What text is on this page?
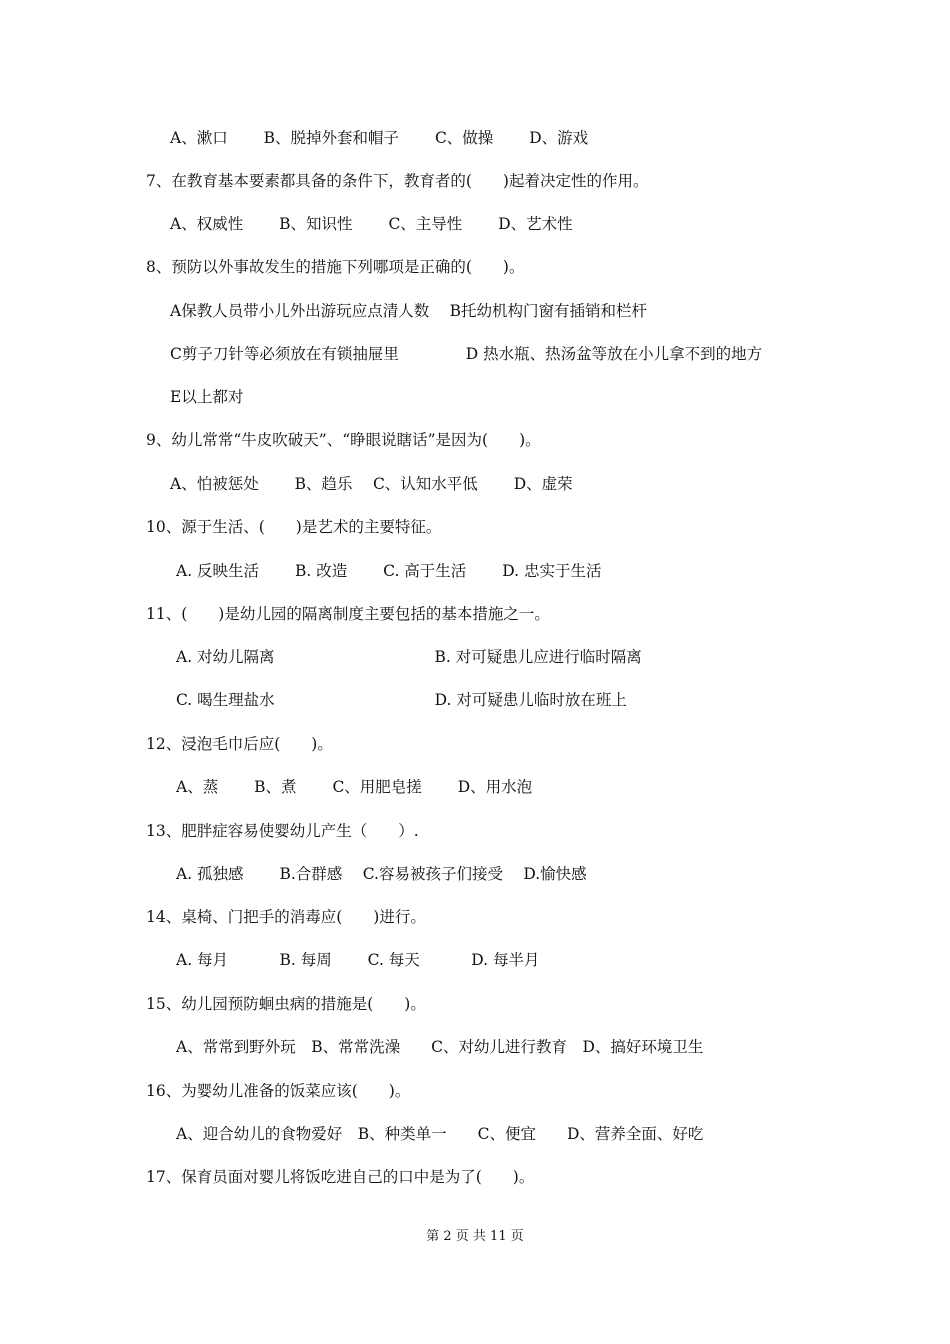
A、漱口　　 B、脱掉外套和帽子　　 C、做操　　 D、游戏
7、在教育基本要素都具备的条件下，教育者的(　　)起着决定性的作用。
A、权威性　　 B、知识性　　 C、主导性　　 D、艺术性
8、预防以外事故发生的措施下列哪项是正确的(　　)。
A保教人员带小儿外出游玩应点清人数　 B托幼机构门窗有插销和栏杆
C剪子刀针等必须放在有锁抽屉里　　　　 D 热水瓶、热汤盆等放在小儿拿不到的地方
E以上都对
9、幼儿常常“牛皮吹破天”、“睁眼说瞎话”是因为(　　)。
A、怕被惩处　　 B、趋乐　 C、认知水平低　　 D、虚荣
10、源于生活、(　　)是艺术的主要特征。
A. 反映生活　　 B. 改造　　 C. 高于生活　　 D. 忠实于生活
11、(　　)是幼儿园的隔离制度主要包括的基本措施之一。
A. 对幼儿隔离　　　　　　　　　　 B. 对可疑患儿应进行临时隔离
C. 喝生理盐水　　　　　　　　　　 D. 对可疑患儿临时放在班上
12、浸泡毛巾后应(　　)。
A、蒸　　 B、煮　　 C、用肥皂搓　　 D、用水泡
13、肥胖症容易使婴幼儿产生（　　）.
A. 孤独感　　 B.合群感　 C.容易被孩子们接受　 D.愉快感
14、桌椅、门把手的消毒应(　　)进行。
A. 每月　　　 B. 每周　　 C. 每天　　　 D. 每半月
15、幼儿园预防蛔虫病的措施是(　　)。
A、常常到野外玩　B、常常洗澡　　C、对幼儿进行教育　D、搞好环境卫生
16、为婴幼儿准备的饭菜应该(　　)。
A、迎合幼儿的食物爱好　B、种类单一　　C、便宜　　D、营养全面、好吃
17、保育员面对婴儿将饭吃进自己的口中是为了(　　)。
第 2 页 共 11 页
